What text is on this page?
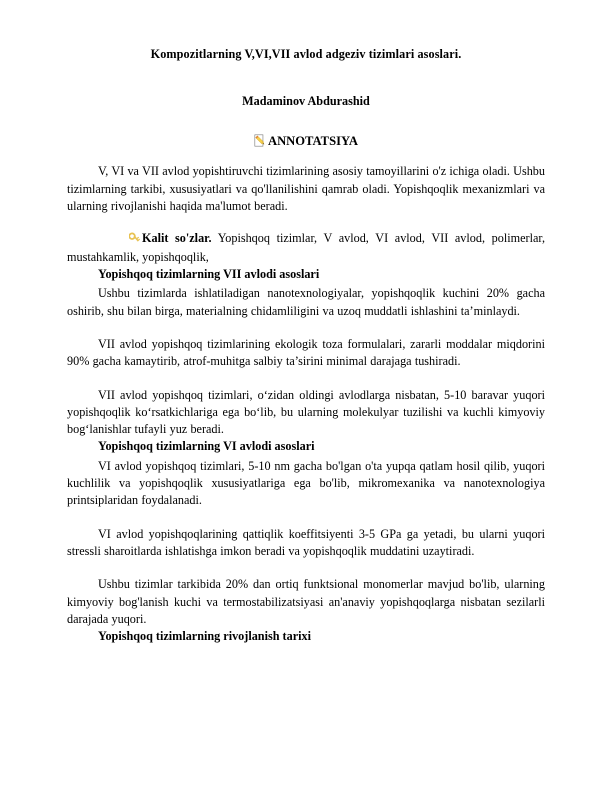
Kompozitlarning V,VI,VII avlod adgeziv tizimlari asoslari.
Madaminov Abdurashid
ANNOTATSIYA

V, VI va VII avlod yopishtiruvchi tizimlarining asosiy tamoyillarini o'z ichiga oladi. Ushbu tizimlarning tarkibi, xususiyatlari va qo'llanilishini qamrab oladi. Yopishqoqlik mexanizmlari va ularning rivojlanishi haqida ma'lumot beradi.

Kalit so'zlar. Yopishqoq tizimlar, V avlod, VI avlod, VII avlod, polimerlar, mustahkamlik, yopishqoqlik,

Yopishqoq tizimlarning VII avlodi asoslari

Ushbu tizimlarda ishlatiladigan nanotexnologiyalar, yopishqoqlik kuchini 20% gacha oshirib, shu bilan birga, materialning chidamliligini va uzoq muddatli ishlashini ta’minlaydi.

VII avlod yopishqoq tizimlarining ekologik toza formulalari, zararli moddalar miqdorini 90% gacha kamaytirib, atrof-muhitga salbiy ta’sirini minimal darajaga tushiradi.

VII avlod yopishqoq tizimlari, o‘zidan oldingi avlodlarga nisbatan, 5-10 baravar yuqori yopishqoqlik ko‘rsatkichlariga ega bo‘lib, bu ularning molekulyar tuzilishi va kuchli kimyoviy bog‘lanishlar tufayli yuz beradi.

Yopishqoq tizimlarning VI avlodi asoslari

VI avlod yopishqoq tizimlari, 5-10 nm gacha bo'lgan o'ta yupqa qatlam hosil qilib, yuqori kuchlilik va yopishqoqlik xususiyatlariga ega bo'lib, mikromexanika va nanotexnologiya printsiplaridan foydalanadi.

VI avlod yopishqoqlarining qattiqlik koeffitsiyenti 3-5 GPa ga yetadi, bu ularni yuqori stressli sharoitlarda ishlatishga imkon beradi va yopishqoqlik muddatini uzaytiradi.

Ushbu tizimlar tarkibida 20% dan ortiq funktsional monomerlar mavjud bo'lib, ularning kimyoviy bog'lanish kuchi va termostabilizatsiyasi an'anaviy yopishqoqlarga nisbatan sezilarli darajada yuqori.

Yopishqoq tizimlarning rivojlanish tarixi
